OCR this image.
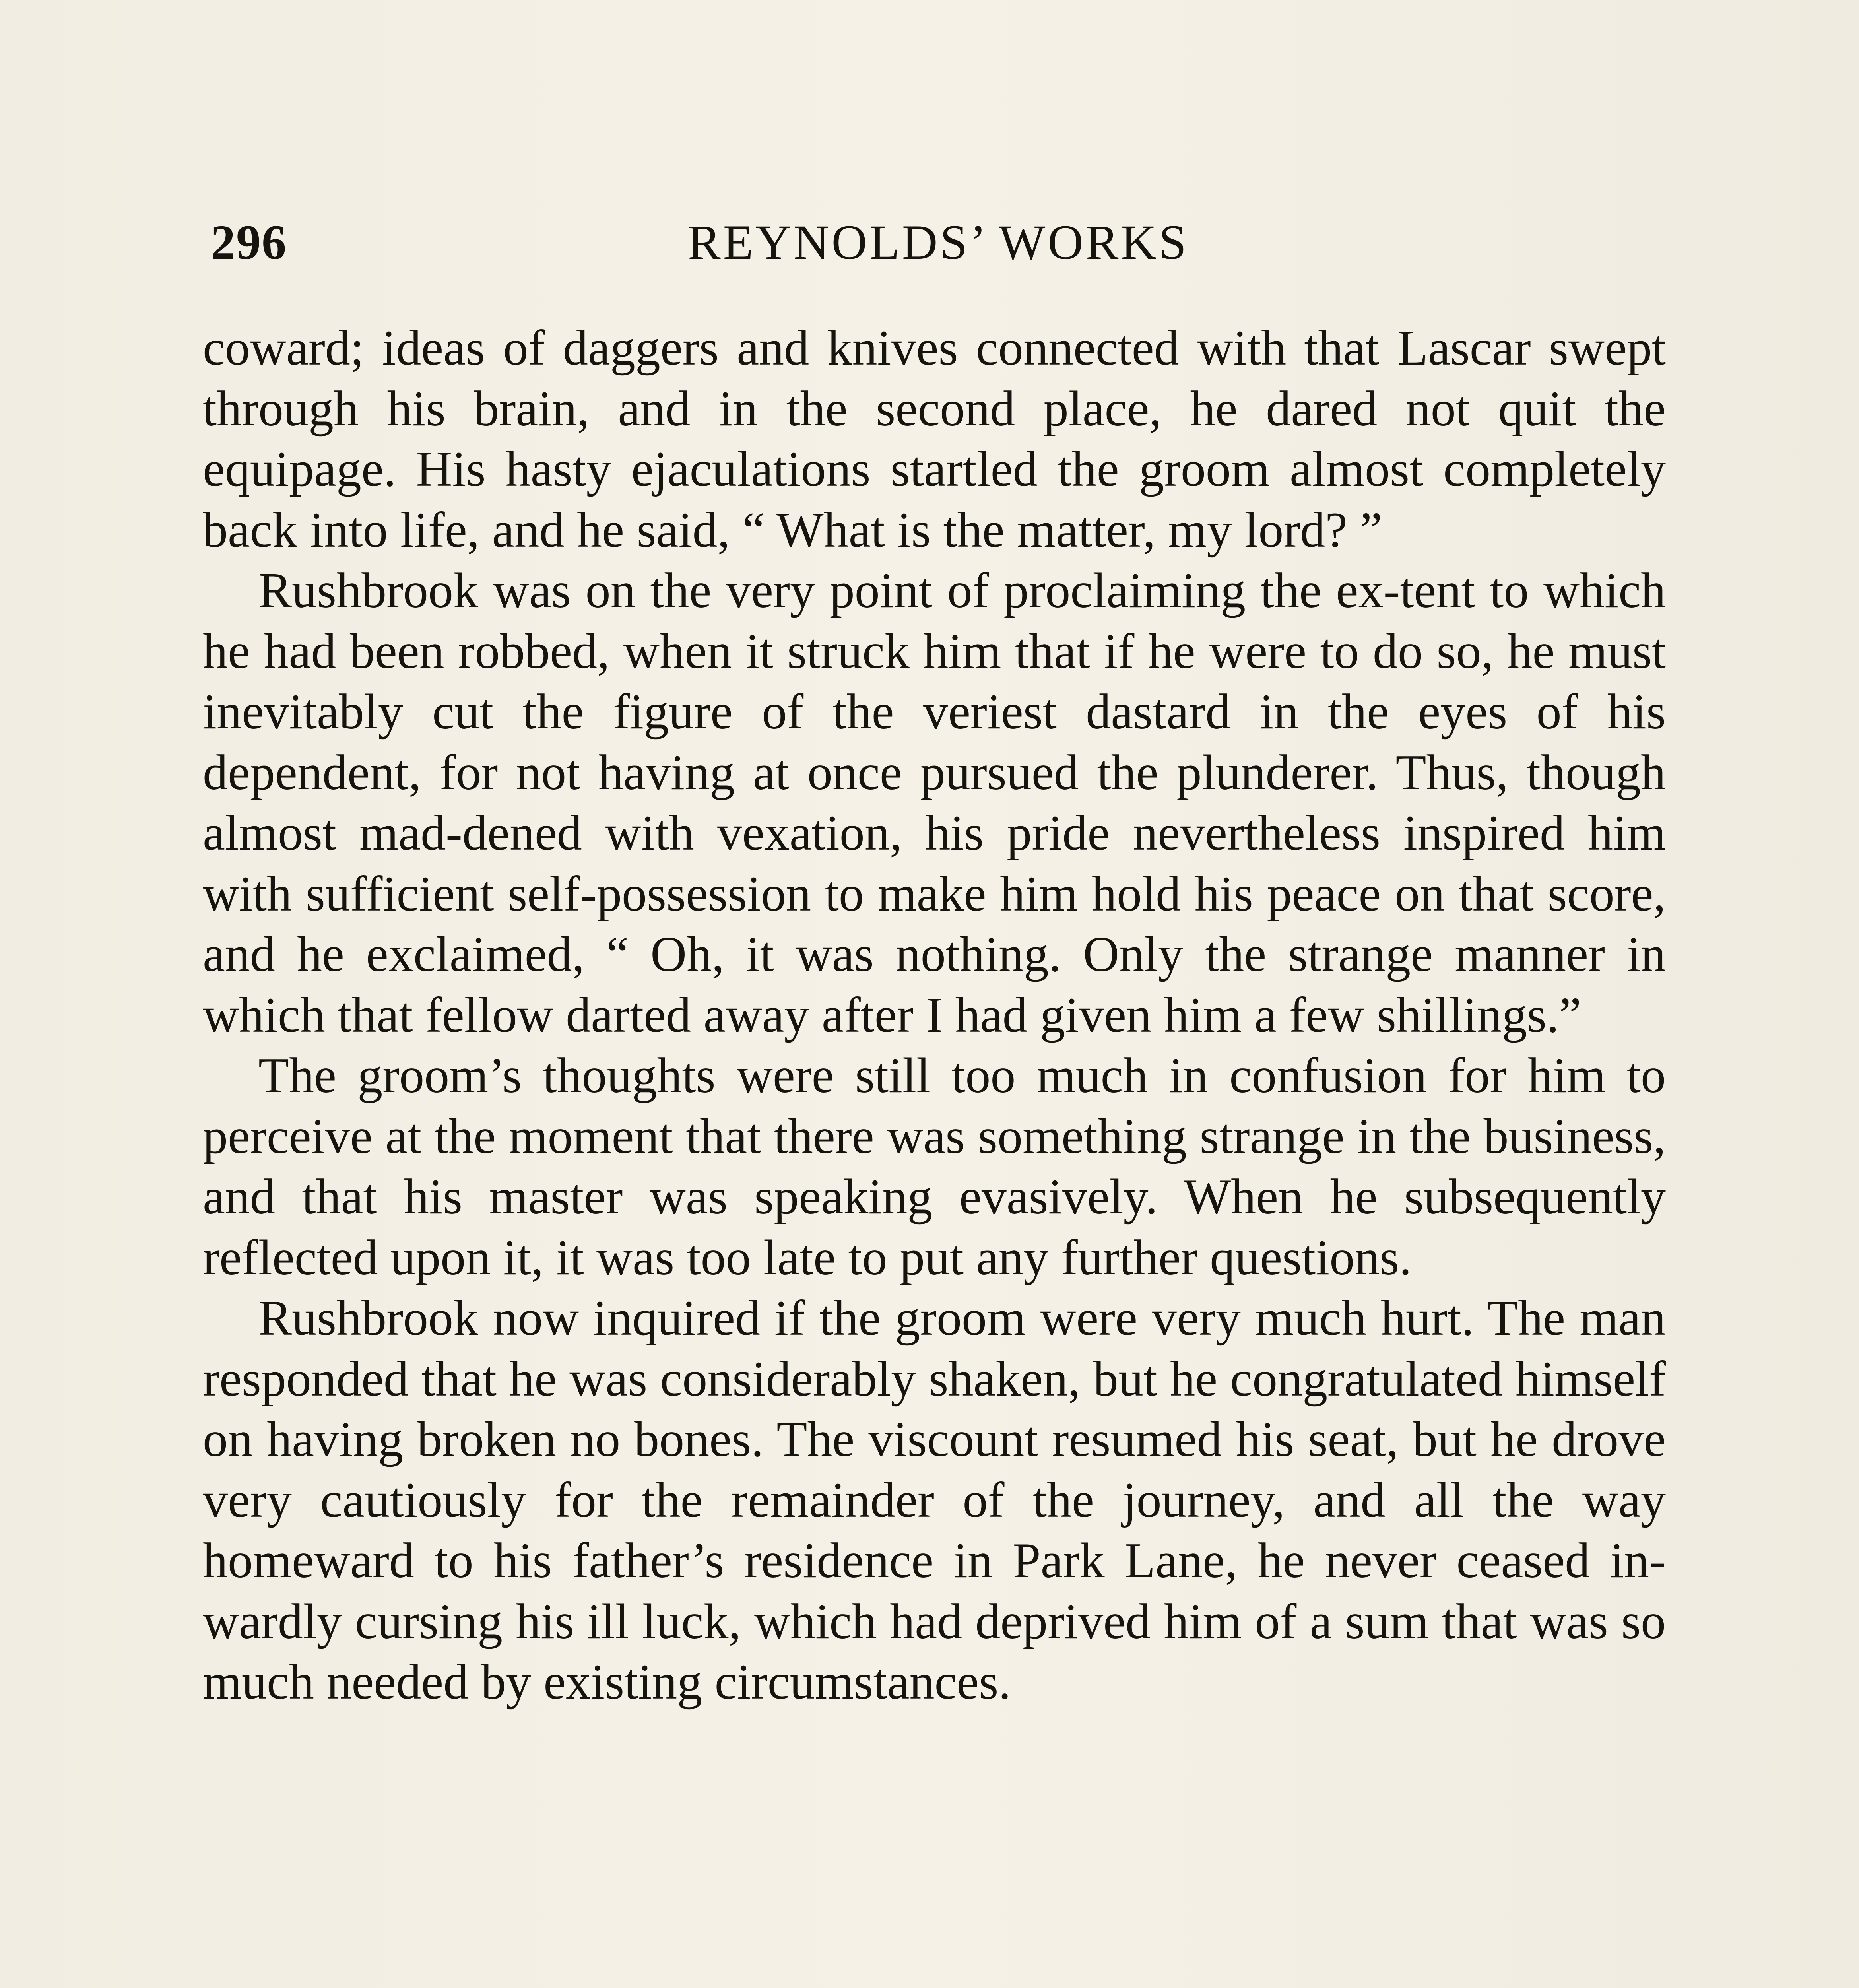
296	REYNOLDS’ WORKS

coward; ideas of daggers and knives connected with that Lascar swept through his brain, and in the second place, he dared not quit the equipage. His hasty ejaculations startled the groom almost completely back into life, and he said, “ What is the matter, my lord? ”

Rushbrook was on the very point of proclaiming the ex-tent to which he had been robbed, when it struck him that if he were to do so, he must inevitably cut the figure of the veriest dastard in the eyes of his dependent, for not having at once pursued the plunderer. Thus, though almost mad-dened with vexation, his pride nevertheless inspired him with sufficient self-possession to make him hold his peace on that score, and he exclaimed, “ Oh, it was nothing. Only the strange manner in which that fellow darted away after I had given him a few shillings.”

The groom’s thoughts were still too much in confusion for him to perceive at the moment that there was something strange in the business, and that his master was speaking evasively. When he subsequently reflected upon it, it was too late to put any further questions.

Rushbrook now inquired if the groom were very much hurt. The man responded that he was considerably shaken, but he congratulated himself on having broken no bones. The viscount resumed his seat, but he drove very cautiously for the remainder of the journey, and all the way homeward to his father’s residence in Park Lane, he never ceased in-wardly cursing his ill luck, which had deprived him of a sum that was so much needed by existing circumstances.
